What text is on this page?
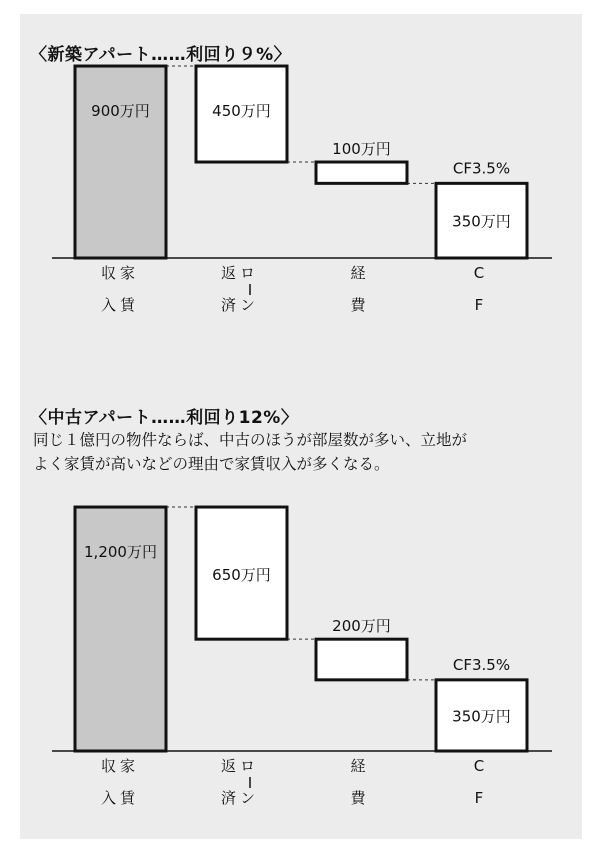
〈新築アパート……利回り９%〉
900万円	450万円
100万円
350万円
CF3.5%
収家
入賃
返ロ
済ン
経
費
C
F
〈中古アパート……利回り12%〉
同じ１億円の物件ならば、中古のほうが部屋数が多い、立地が
よく家賃が高いなどの理由で家賃収入が多くなる。
1,200万円
650万円
200万円
350万円
CF3.5%
収家
入賃
返ロ
済ン
経
費
C
F
